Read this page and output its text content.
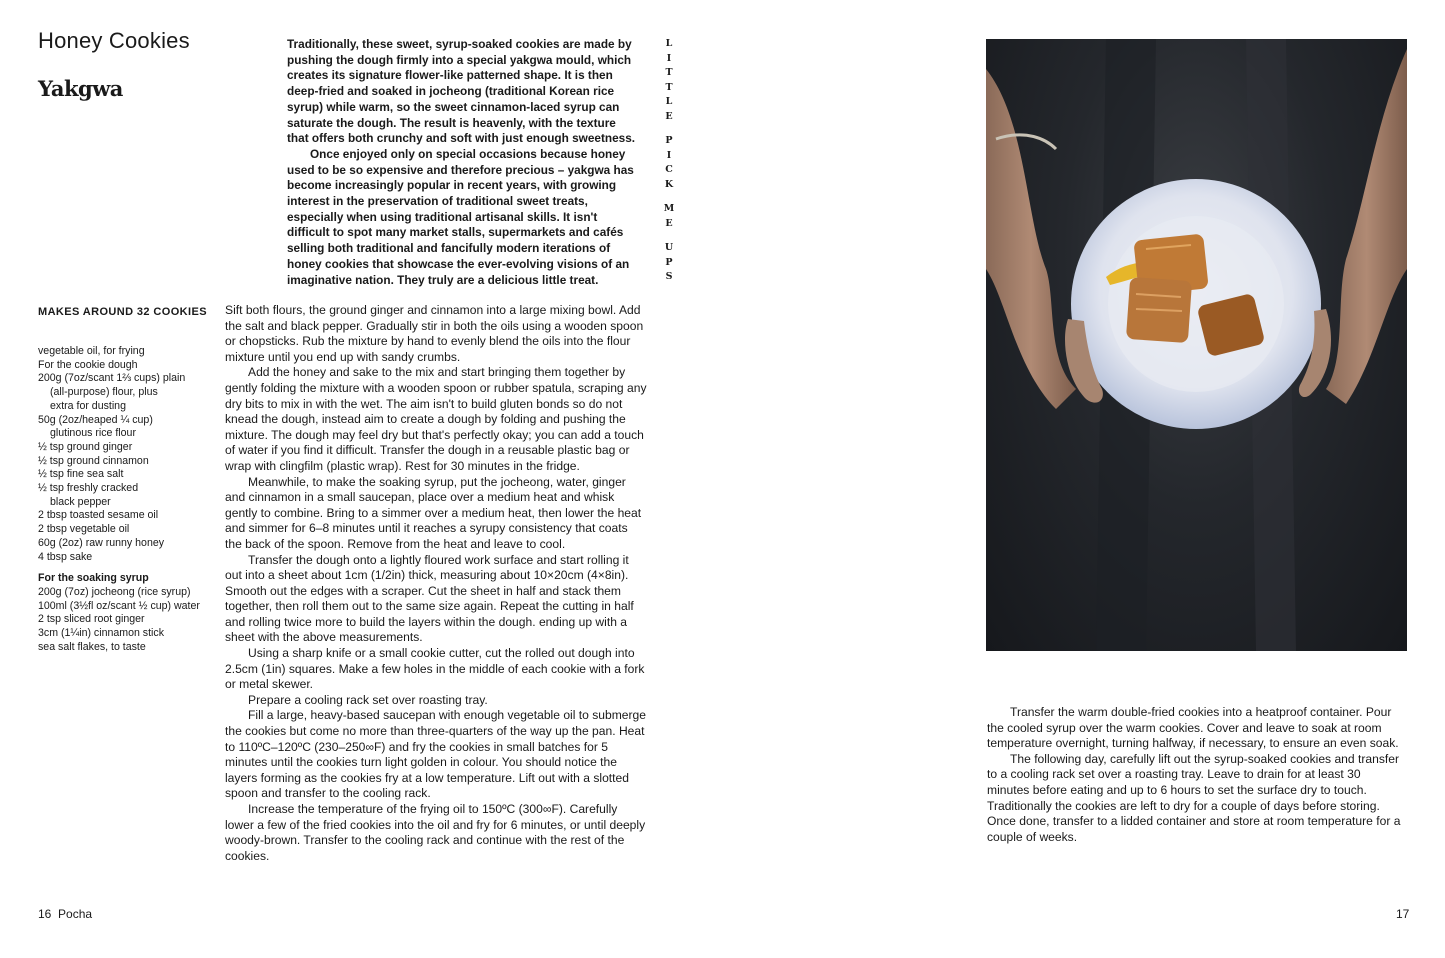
Honey Cookies
Yakgwa

Traditionally, these sweet, syrup-soaked cookies are made by pushing the dough firmly into a special yakgwa mould, which creates its signature flower-like patterned shape. It is then deep-fried and soaked in jocheong (traditional Korean rice syrup) while warm, so the sweet cinnamon-laced syrup can saturate the dough. The result is heavenly, with the texture that offers both crunchy and soft with just enough sweetness.

Once enjoyed only on special occasions because honey used to be so expensive and therefore precious – yakgwa has become increasingly popular in recent years, with growing interest in the preservation of traditional sweet treats, especially when using traditional artisanal skills. It isn't difficult to spot many market stalls, supermarkets and cafés selling both traditional and fancifully modern iterations of honey cookies that showcase the ever-evolving visions of an imaginative nation. They truly are a delicious little treat.

L
I
T
T
L
E
P
I
C
K
M
E
U
P
S
MAKES AROUND 32 COOKIES
vegetable oil, for frying
For the cookie dough
200g (7oz/scant 1⅔ cups) plain
(all-purpose) flour, plus
extra for dusting
50g (2oz/heaped ¼ cup)
glutinous rice flour
½ tsp ground ginger
½ tsp ground cinnamon
½ tsp fine sea salt
½ tsp freshly cracked
black pepper
2 tbsp toasted sesame oil
2 tbsp vegetable oil
60g (2oz) raw runny honey
4 tbsp sake
For the soaking syrup
200g (7oz) jocheong (rice syrup)
100ml (3½fl oz/scant ½ cup) water
2 tsp sliced root ginger
3cm (1¼in) cinnamon stick
sea salt flakes, to taste

Sift both flours, the ground ginger and cinnamon into a large mixing bowl. Add the salt and black pepper. Gradually stir in both the oils using a wooden spoon or chopsticks. Rub the mixture by hand to evenly blend the oils into the flour mixture until you end up with sandy crumbs.

Add the honey and sake to the mix and start bringing them together by gently folding the mixture with a wooden spoon or rubber spatula, scraping any dry bits to mix in with the wet. The aim isn't to build gluten bonds so do not knead the dough, instead aim to create a dough by folding and pushing the mixture. The dough may feel dry but that's perfectly okay; you can add a touch of water if you find it difficult. Transfer the dough in a reusable plastic bag or wrap with clingfilm (plastic wrap). Rest for 30 minutes in the fridge.

Meanwhile, to make the soaking syrup, put the jocheong, water, ginger and cinnamon in a small saucepan, place over a medium heat and whisk gently to combine. Bring to a simmer over a medium heat, then lower the heat and simmer for 6–8 minutes until it reaches a syrupy consistency that coats the back of the spoon. Remove from the heat and leave to cool.

Transfer the dough onto a lightly floured work surface and start rolling it out into a sheet about 1cm (1/2in) thick, measuring about 10×20cm (4×8in). Smooth out the edges with a scraper. Cut the sheet in half and stack them together, then roll them out to the same size again. Repeat the cutting in half and rolling twice more to build the layers within the dough. ending up with a sheet with the above measurements.

Using a sharp knife or a small cookie cutter, cut the rolled out dough into 2.5cm (1in) squares. Make a few holes in the middle of each cookie with a fork or metal skewer.

Prepare a cooling rack set over roasting tray.

Fill a large, heavy-based saucepan with enough vegetable oil to submerge the cookies but come no more than three-quarters of the way up the pan. Heat to 110ºC–120ºC (230–250∞F) and fry the cookies in small batches for 5 minutes until the cookies turn light golden in colour. You should notice the layers forming as the cookies fry at a low temperature. Lift out with a slotted spoon and transfer to the cooling rack.

Increase the temperature of the frying oil to 150ºC (300∞F). Carefully lower a few of the fried cookies into the oil and fry for 6 minutes, or until deeply woody-brown. Transfer to the cooling rack and continue with the rest of the cookies.

Transfer the warm double-fried cookies into a heatproof container. Pour the cooled syrup over the warm cookies. Cover and leave to soak at room temperature overnight, turning halfway, if necessary, to ensure an even soak.

The following day, carefully lift out the syrup-soaked cookies and transfer to a cooling rack set over a roasting tray. Leave to drain for at least 30 minutes before eating and up to 6 hours to set the surface dry to touch. Traditionally the cookies are left to dry for a couple of days before storing. Once done, transfer to a lidded container and store at room temperature for a couple of weeks.

16  Pocha	17
